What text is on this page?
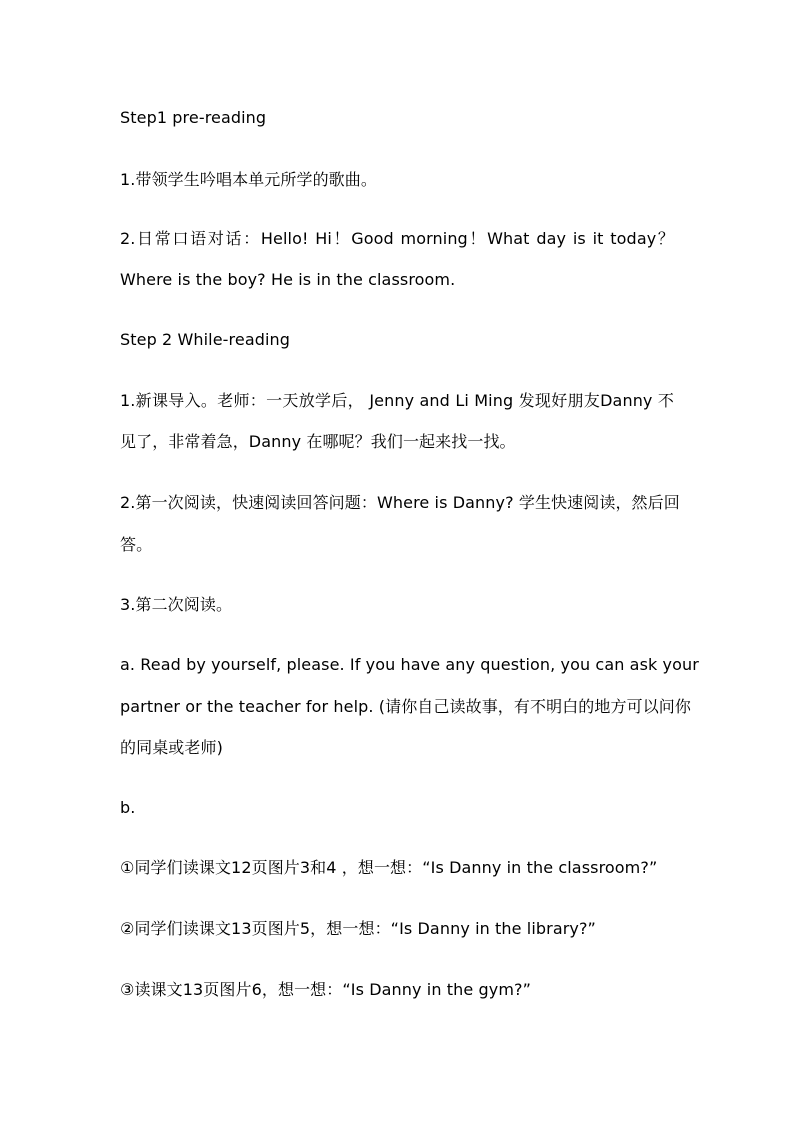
Step1 pre-reading
1.带领学生吟唱本单元所学的歌曲。
2.日常口语对话：Hello! Hi！Good morning！What day is it today？
Where is the boy? He is in the classroom.
Step 2 While-reading
1.新课导入。老师：一天放学后， Jenny and Li Ming 发现好朋友Danny 不
见了，非常着急，Danny 在哪呢？我们一起来找一找。
2.第一次阅读，快速阅读回答问题：Where is Danny? 学生快速阅读，然后回
答。
3.第二次阅读。
a. Read by yourself, please. If you have any question, you can ask your
partner or the teacher for help. (请你自己读故事，有不明白的地方可以问你
的同桌或老师)
b.
①同学们读课文12页图片3和4 ，想一想：“Is Danny in the classroom?”
②同学们读课文13页图片5，想一想：“Is Danny in the library?”
③读课文13页图片6，想一想：“Is Danny in the gym?”
